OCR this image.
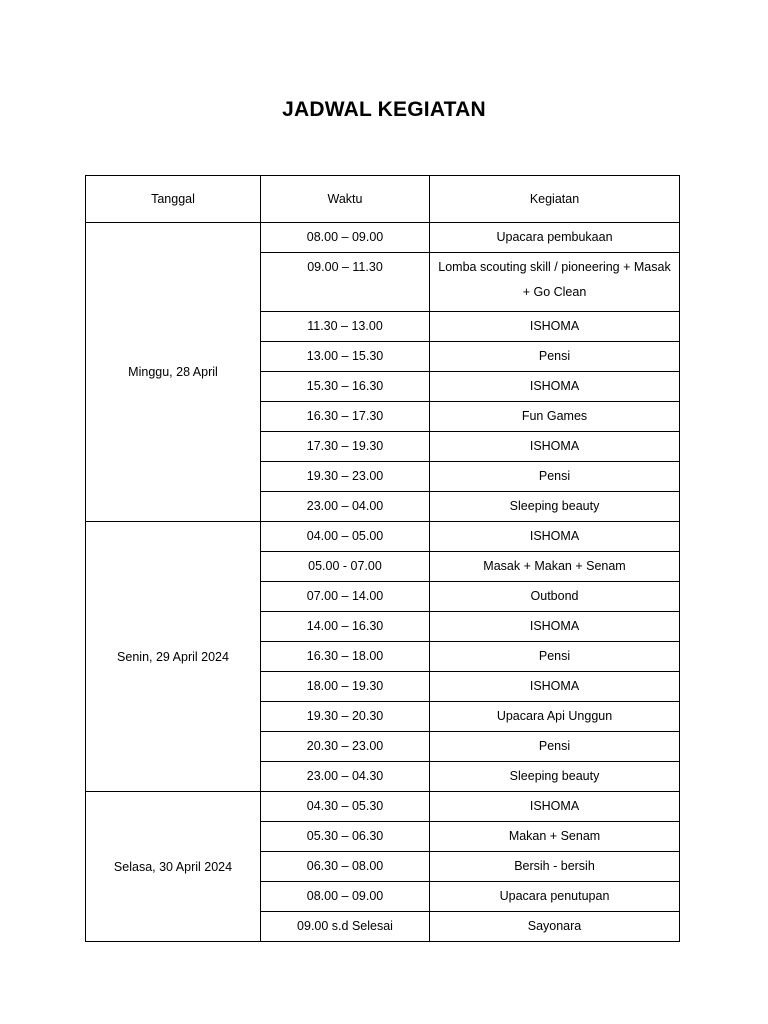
JADWAL KEGIATAN
Tanggal	Waktu	Kegiatan
Minggu, 28 April	08.00 – 09.00	Upacara pembukaan
	09.00 – 11.30	Lomba scouting skill / pioneering + Masak + Go Clean
	11.30 – 13.00	ISHOMA
	13.00 – 15.30	Pensi
	15.30 – 16.30	ISHOMA
	16.30 – 17.30	Fun Games
	17.30 – 19.30	ISHOMA
	19.30 – 23.00	Pensi
	23.00 – 04.00	Sleeping beauty
Senin, 29 April 2024	04.00 – 05.00	ISHOMA
	05.00 - 07.00	Masak + Makan + Senam
	07.00 – 14.00	Outbond
	14.00 – 16.30	ISHOMA
	16.30 – 18.00	Pensi
	18.00 – 19.30	ISHOMA
	19.30 – 20.30	Upacara Api Unggun
	20.30 – 23.00	Pensi
	23.00 – 04.30	Sleeping beauty
Selasa, 30 April 2024	04.30 – 05.30	ISHOMA
	05.30 – 06.30	Makan + Senam
	06.30 – 08.00	Bersih - bersih
	08.00 – 09.00	Upacara penutupan
	09.00 s.d Selesai	Sayonara
